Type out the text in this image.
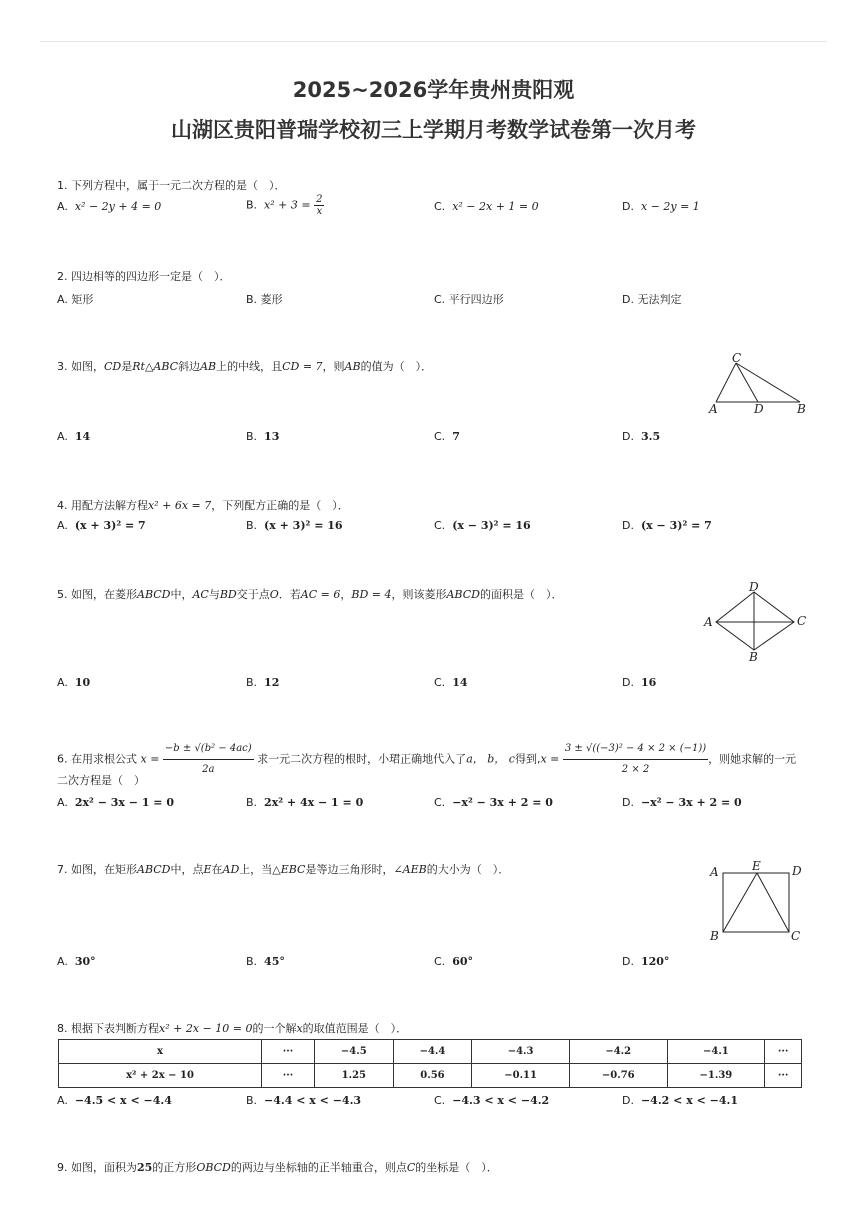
2025~2026学年贵州贵阳观
山湖区贵阳普瑞学校初三上学期月考数学试卷第一次月考
1. 下列方程中，属于一元二次方程的是（　）．
A. x² − 2y + 4 = 0	B. $x^2 + 3 = \frac{2}{x}$	C. x² − 2x + 1 = 0	D. x − 2y = 1
2. 四边相等的四边形一定是（　）．
A. 矩形	B. 菱形	C. 平行四边形	D. 无法判定
3. 如图，CD是Rt△ABC斜边AB上的中线，且CD = 7，则AB的值为（　）．
C
A	D	B
A. 14	B. 13	C. 7	D. 3.5
4. 用配方法解方程x² + 6x = 7，下列配方正确的是（　）．
A. (x + 3)² = 7	B. (x + 3)² = 16	C. (x − 3)² = 16	D. (x − 3)² = 7
5. 如图，在菱形ABCD中，AC与BD交于点O．若AC = 6，BD = 4，则该菱形ABCD的面积是（　）．
D
A	C
B
A. 10	B. 12	C. 14	D. 16
6. 在用求根公式 $x = \frac{\text{−b ± √(b² − 4ac)}}{2a}$ 求一元二次方程的根时，小珺正确地代入了a， b， c得到$,x = \frac{\text{3 ± √((−3)² − 4 × 2 × (−1))}}{2 \times 2}$ ，则她求解的一元
二次方程是（　）
A. 2x² − 3x − 1 = 0	B. 2x² + 4x − 1 = 0	C. −x² − 3x + 2 = 0	D. −x² − 3x + 2 = 0
7. 如图，在矩形ABCD中，点E在AD上，当△EBC是等边三角形时，∠AEB的大小为（　）．	A	E	D
B	C
A. 30°	B. 45°	C. 60°	D. 120°
8. 根据下表判断方程x² + 2x − 10 = 0的一个解x的取值范围是（　）．
x	···	−4.5	−4.4	−4.3	−4.2	−4.1	···
x² + 2x − 10	···	1.25	0.56	−0.11	−0.76	−1.39	···
A. −4.5 < x < −4.4	B. −4.4 < x < −4.3	C. −4.3 < x < −4.2	D. −4.2 < x < −4.1
9. 如图，面积为25的正方形OBCD的两边与坐标轴的正半轴重合，则点C的坐标是（　）．
